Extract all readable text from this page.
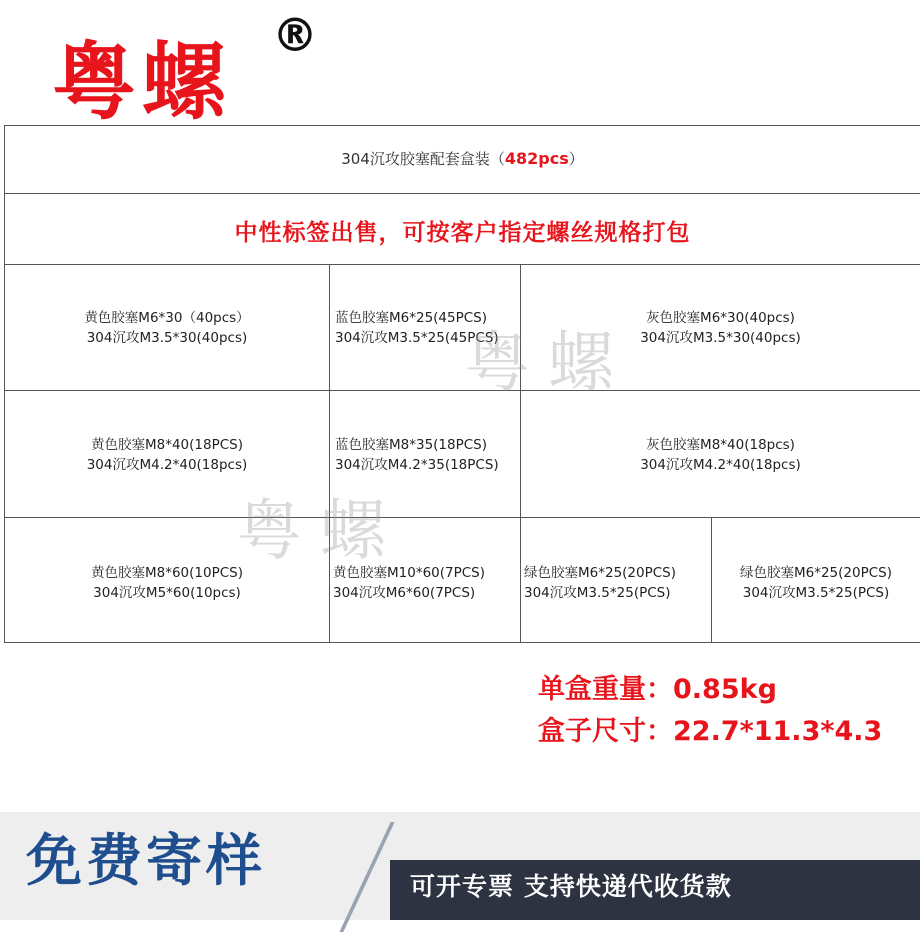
粤螺 ®
304沉攻胶塞配套盒装（482pcs）
中性标签出售，可按客户指定螺丝规格打包
黄色胶塞M6*30（40pcs）
304沉攻M3.5*30(40pcs)
蓝色胶塞M6*25(45PCS)
304沉攻M3.5*25(45PCS)
灰色胶塞M6*30(40pcs)
304沉攻M3.5*30(40pcs)
黄色胶塞M8*40(18PCS)
304沉攻M4.2*40(18pcs)
蓝色胶塞M8*35(18PCS)
304沉攻M4.2*35(18PCS)
灰色胶塞M8*40(18pcs)
304沉攻M4.2*40(18pcs)
黄色胶塞M8*60(10PCS)
304沉攻M5*60(10pcs)
黄色胶塞M10*60(7PCS)
304沉攻M6*60(7PCS)
绿色胶塞M6*25(20PCS)
304沉攻M3.5*25(PCS)
绿色胶塞M6*25(20PCS)
304沉攻M3.5*25(PCS)
粤螺
粤螺
单盒重量：0.85kg
盒子尺寸：22.7*11.3*4.3
免费寄样	可开专票 支持快递代收货款
